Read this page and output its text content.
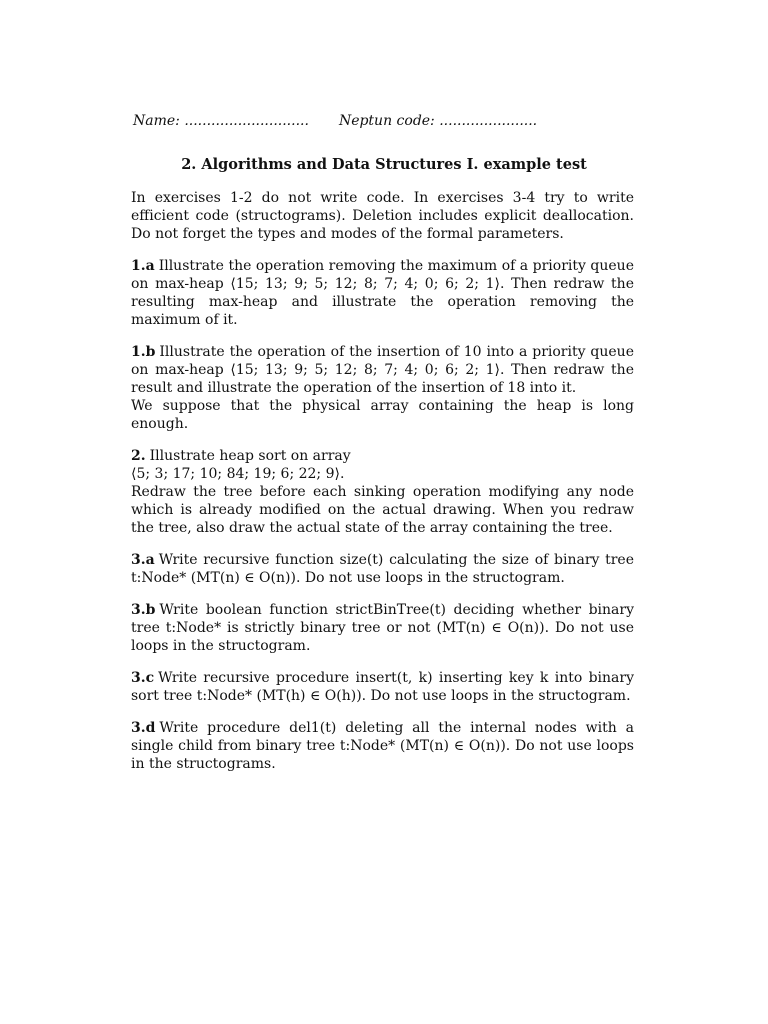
Name: ............................ Neptun code: ......................
2. Algorithms and Data Structures I. example test
In exercises 1-2 do not write code. In exercises 3-4 try to write efficient code (structograms). Deletion includes explicit deallocation. Do not forget the types and modes of the formal parameters.
1.a Illustrate the operation removing the maximum of a priority queue on max-heap ⟨15; 13; 9; 5; 12; 8; 7; 4; 0; 6; 2; 1⟩. Then redraw the resulting max-heap and illustrate the operation removing the maximum of it.

1.b Illustrate the operation of the insertion of 10 into a priority queue on max-heap ⟨15; 13; 9; 5; 12; 8; 7; 4; 0; 6; 2; 1⟩. Then redraw the result and illustrate the operation of the insertion of 18 into it.

We suppose that the physical array containing the heap is long enough.

2. Illustrate heap sort on array

⟨5; 3; 17; 10; 84; 19; 6; 22; 9⟩.

Redraw the tree before each sinking operation modifying any node which is already modified on the actual drawing. When you redraw the tree, also draw the actual state of the array containing the tree.

3.a Write recursive function size(t) calculating the size of binary tree t:Node* (MT(n) ∈ O(n)). Do not use loops in the structogram.
3.b Write boolean function strictBinTree(t) deciding whether binary tree t:Node* is strictly binary tree or not (MT(n) ∈ O(n)). Do not use loops in the structogram.
3.c Write recursive procedure insert(t, k) inserting key k into binary sort tree t:Node* (MT(h) ∈ O(h)). Do not use loops in the structogram.
3.d Write procedure del1(t) deleting all the internal nodes with a single child from binary tree t:Node* (MT(n) ∈ O(n)). Do not use loops in the structograms.
